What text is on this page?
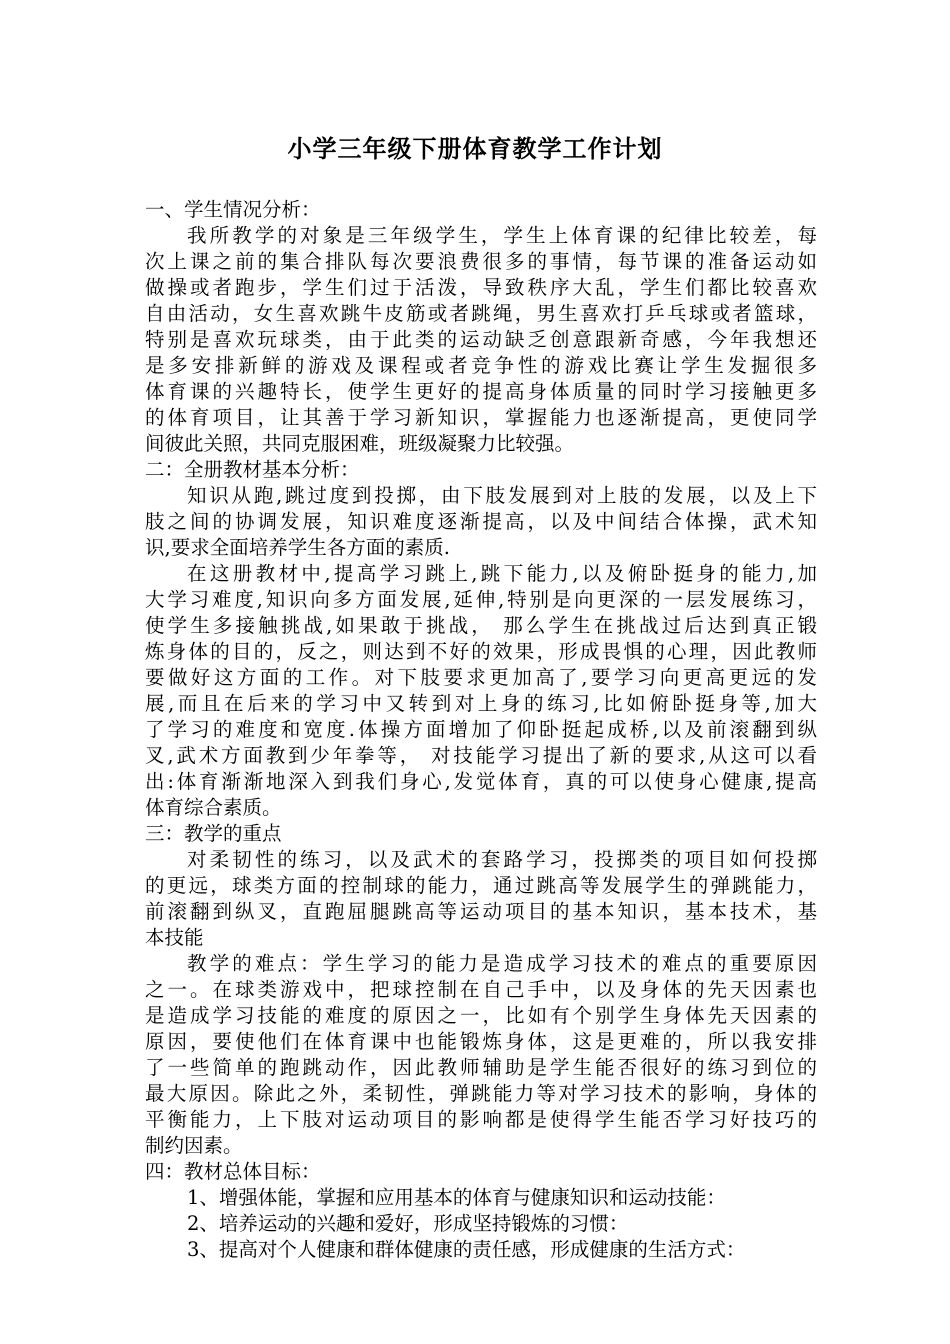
小学三年级下册体育教学工作计划
一、学生情况分析：
我所教学的对象是三年级学生，学生上体育课的纪律比较差，每
次上课之前的集合排队每次要浪费很多的事情，每节课的准备运动如
做操或者跑步，学生们过于活泼，导致秩序大乱，学生们都比较喜欢
自由活动，女生喜欢跳牛皮筋或者跳绳，男生喜欢打乒乓球或者篮球，
特别是喜欢玩球类，由于此类的运动缺乏创意跟新奇感，今年我想还
是多安排新鲜的游戏及课程或者竞争性的游戏比赛让学生发掘很多
体育课的兴趣特长，使学生更好的提高身体质量的同时学习接触更多
的体育项目，让其善于学习新知识，掌握能力也逐渐提高，更使同学
间彼此关照，共同克服困难，班级凝聚力比较强。
二：全册教材基本分析：
知识从跑,跳过度到投掷，由下肢发展到对上肢的发展，以及上下
肢之间的协调发展，知识难度逐渐提高，以及中间结合体操，武术知
识,要求全面培养学生各方面的素质.
在这册教材中,提高学习跳上,跳下能力,以及俯卧挺身的能力,加
大学习难度,知识向多方面发展,延伸,特别是向更深的一层发展练习，
使学生多接触挑战,如果敢于挑战， 那么学生在挑战过后达到真正锻
炼身体的目的，反之，则达到不好的效果，形成畏惧的心理，因此教师
要做好这方面的工作。对下肢要求更加高了,要学习向更高更远的发
展,而且在后来的学习中又转到对上身的练习,比如俯卧挺身等,加大
了学习的难度和宽度.体操方面增加了仰卧挺起成桥,以及前滚翻到纵
叉,武术方面教到少年拳等， 对技能学习提出了新的要求,从这可以看
出:体育渐渐地深入到我们身心,发觉体育，真的可以使身心健康,提高
体育综合素质。
三：教学的重点
对柔韧性的练习，以及武术的套路学习，投掷类的项目如何投掷
的更远，球类方面的控制球的能力，通过跳高等发展学生的弹跳能力，
前滚翻到纵叉，直跑屈腿跳高等运动项目的基本知识，基本技术，基
本技能
教学的难点：学生学习的能力是造成学习技术的难点的重要原因
之一。在球类游戏中，把球控制在自己手中，以及身体的先天因素也
是造成学习技能的难度的原因之一，比如有个别学生身体先天因素的
原因，要使他们在体育课中也能锻炼身体，这是更难的，所以我安排
了一些简单的跑跳动作，因此教师辅助是学生能否很好的练习到位的
最大原因。除此之外，柔韧性，弹跳能力等对学习技术的影响，身体的
平衡能力，上下肢对运动项目的影响都是使得学生能否学习好技巧的
制约因素。
四：教材总体目标：
1、增强体能，掌握和应用基本的体育与健康知识和运动技能：
2、培养运动的兴趣和爱好，形成坚持锻炼的习惯：
3、提高对个人健康和群体健康的责任感，形成健康的生活方式：
